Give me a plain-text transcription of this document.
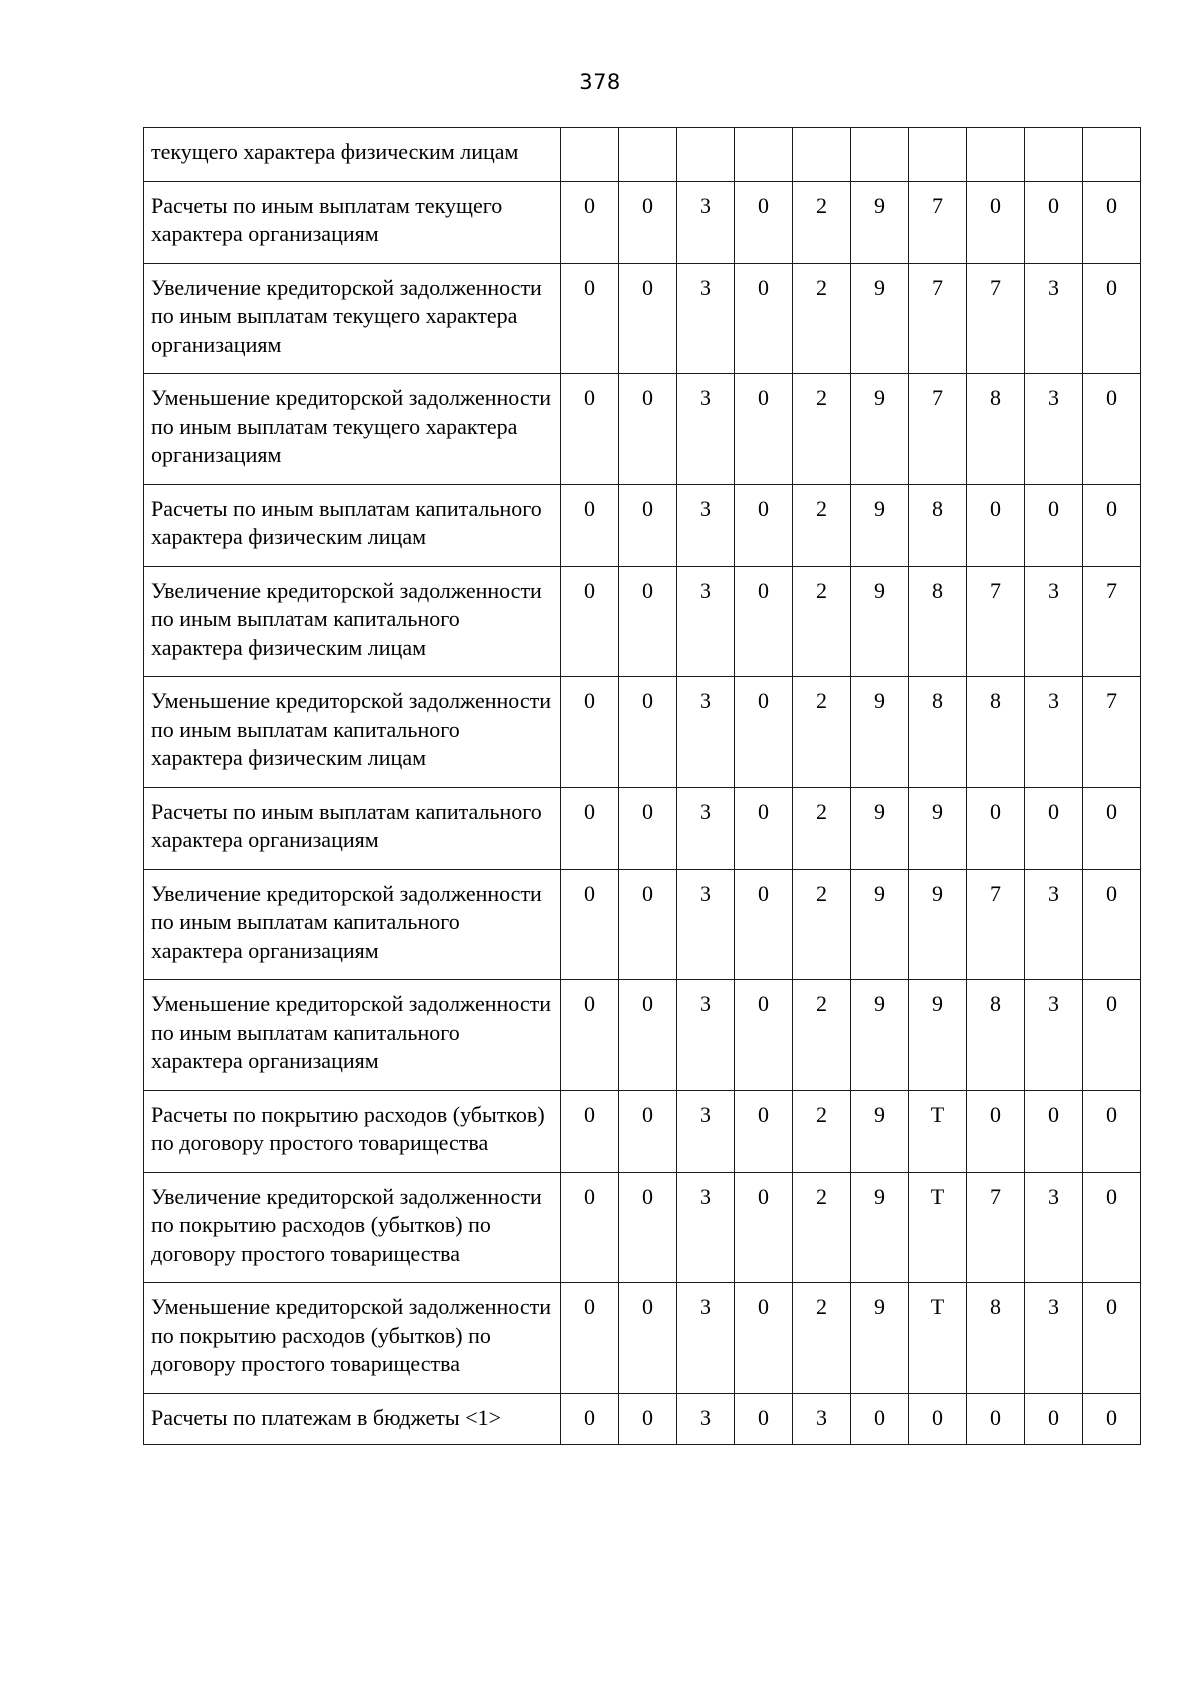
378
текущего характера физическим лицам										
Расчеты по иным выплатам текущего характера организациям	0	0	3	0	2	9	7	0	0	0
Увеличение кредиторской задолженности по иным выплатам текущего характера организациям	0	0	3	0	2	9	7	7	3	0
Уменьшение кредиторской задолженности по иным выплатам текущего характера организациям	0	0	3	0	2	9	7	8	3	0
Расчеты по иным выплатам капитального характера физическим лицам	0	0	3	0	2	9	8	0	0	0
Увеличение кредиторской задолженности по иным выплатам капитального характера физическим лицам	0	0	3	0	2	9	8	7	3	7
Уменьшение кредиторской задолженности по иным выплатам капитального характера физическим лицам	0	0	3	0	2	9	8	8	3	7
Расчеты по иным выплатам капитального характера организациям	0	0	3	0	2	9	9	0	0	0
Увеличение кредиторской задолженности по иным выплатам капитального характера организациям	0	0	3	0	2	9	9	7	3	0
Уменьшение кредиторской задолженности по иным выплатам капитального характера организациям	0	0	3	0	2	9	9	8	3	0
Расчеты по покрытию расходов (убытков) по договору простого товарищества	0	0	3	0	2	9	Т	0	0	0
Увеличение кредиторской задолженности по покрытию расходов (убытков) по договору простого товарищества	0	0	3	0	2	9	Т	7	3	0
Уменьшение кредиторской задолженности по покрытию расходов (убытков) по договору простого товарищества	0	0	3	0	2	9	Т	8	3	0
Расчеты по платежам в бюджеты <1>	0	0	3	0	3	0	0	0	0	0
